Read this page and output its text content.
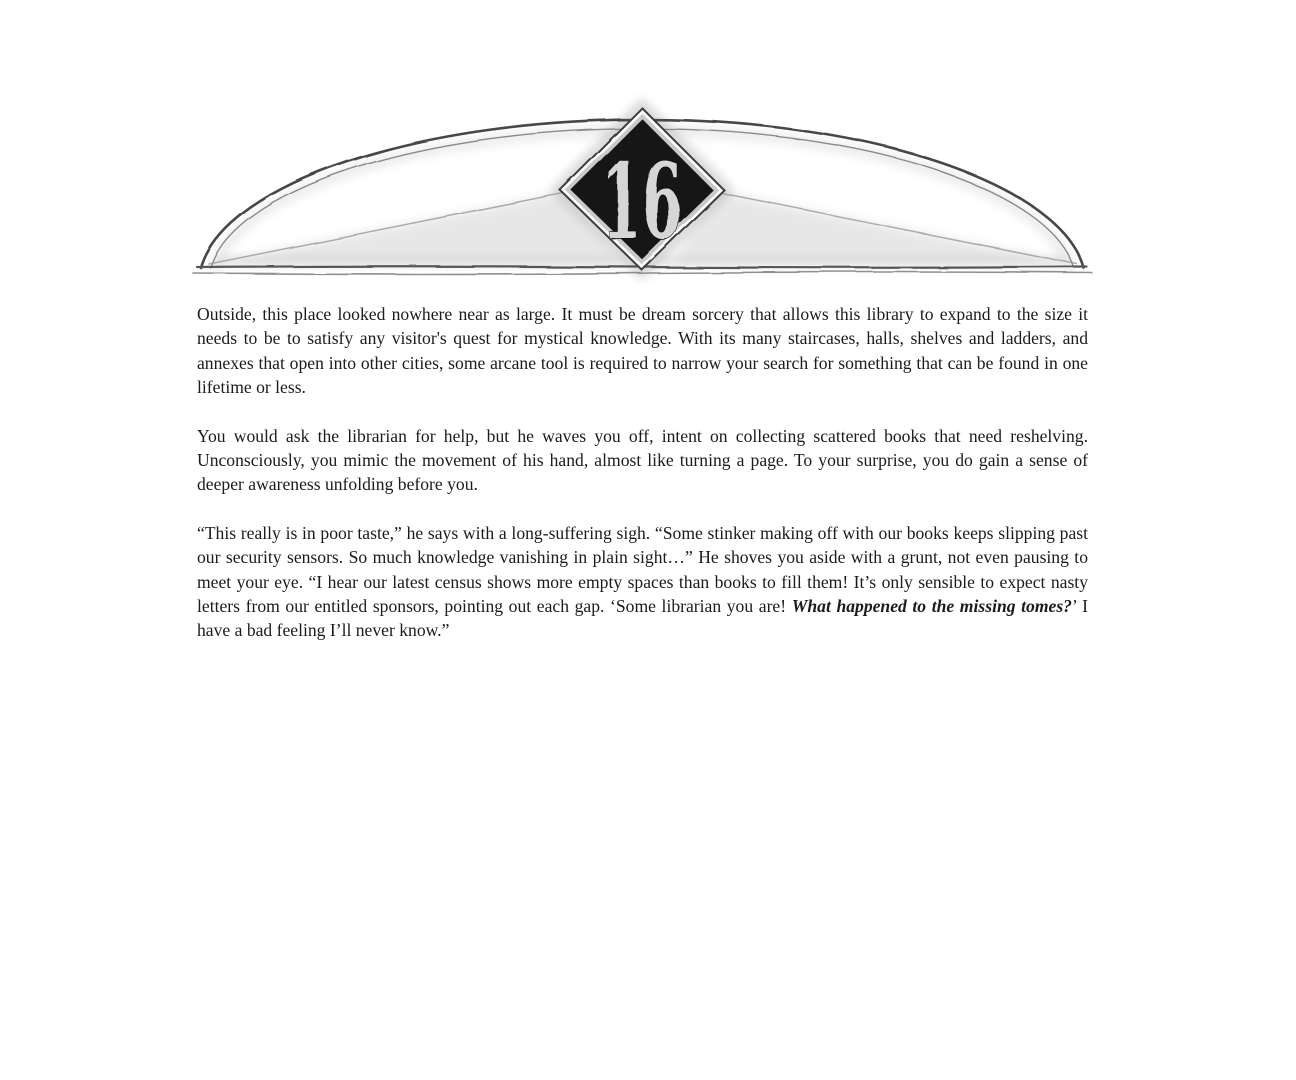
16

Outside, this place looked nowhere near as large. It must be dream sorcery that allows this library to expand to the size it needs to be to satisfy any visitor's quest for mystical knowledge. With its many staircases, halls, shelves and ladders, and annexes that open into other cities, some arcane tool is required to narrow your search for something that can be found in one lifetime or less.

You would ask the librarian for help, but he waves you off, intent on collecting scattered books that need reshelving. Unconsciously, you mimic the movement of his hand, almost like turning a page. To your surprise, you do gain a sense of deeper awareness unfolding before you.

“This really is in poor taste,” he says with a long-suffering sigh. “Some stinker making off with our books keeps slipping past our security sensors. So much knowledge vanishing in plain sight…” He shoves you aside with a grunt, not even pausing to meet your eye. “I hear our latest census shows more empty spaces than books to fill them! It’s only sensible to expect nasty letters from our entitled sponsors, pointing out each gap. ‘Some librarian you are! What happened to the missing tomes?’ I have a bad feeling I’ll never know.”
